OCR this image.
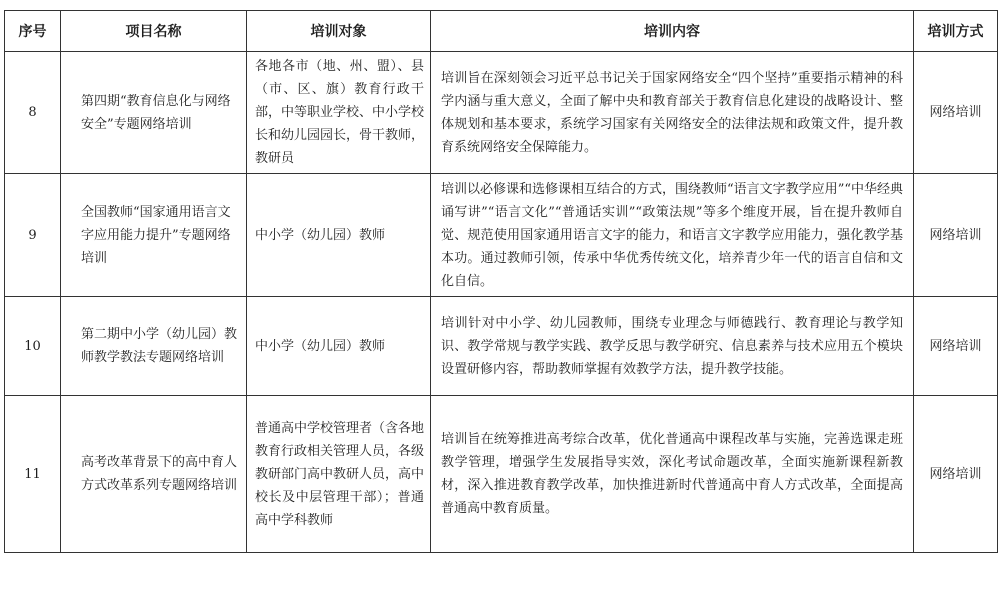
序号	项目名称	培训对象	培训内容	培训方式
8	第四期“教育信息化与网络安全”专题网络培训	各地各市（地、州、盟）、县（市、区、旗）教育行政干部，中等职业学校、中小学校长和幼儿园园长，骨干教师，教研员	培训旨在深刻领会习近平总书记关于国家网络安全“四个坚持”重要指示精神的科学内涵与重大意义，全面了解中央和教育部关于教育信息化建设的战略设计、整体规划和基本要求，系统学习国家有关网络安全的法律法规和政策文件，提升教育系统网络安全保障能力。	网络培训
9	全国教师“国家通用语言文字应用能力提升”专题网络培训	中小学（幼儿园）教师	培训以必修课和选修课相互结合的方式，围绕教师“语言文字教学应用”“中华经典诵写讲”“语言文化”“普通话实训”“政策法规”等多个维度开展，旨在提升教师自觉、规范使用国家通用语言文字的能力，和语言文字教学应用能力，强化教学基本功。通过教师引领，传承中华优秀传统文化，培养青少年一代的语言自信和文化自信。	网络培训
10	第二期中小学（幼儿园）教师教学教法专题网络培训	中小学（幼儿园）教师	培训针对中小学、幼儿园教师，围绕专业理念与师德践行、教育理论与教学知识、教学常规与教学实践、教学反思与教学研究、信息素养与技术应用五个模块设置研修内容，帮助教师掌握有效教学方法，提升教学技能。	网络培训
11	高考改革背景下的高中育人方式改革系列专题网络培训	普通高中学校管理者（含各地教育行政相关管理人员，各级教研部门高中教研人员，高中校长及中层管理干部）；普通高中学科教师	培训旨在统筹推进高考综合改革，优化普通高中课程改革与实施，完善选课走班教学管理，增强学生发展指导实效，深化考试命题改革，全面实施新课程新教材，深入推进教育教学改革，加快推进新时代普通高中育人方式改革，全面提高普通高中教育质量。	网络培训
